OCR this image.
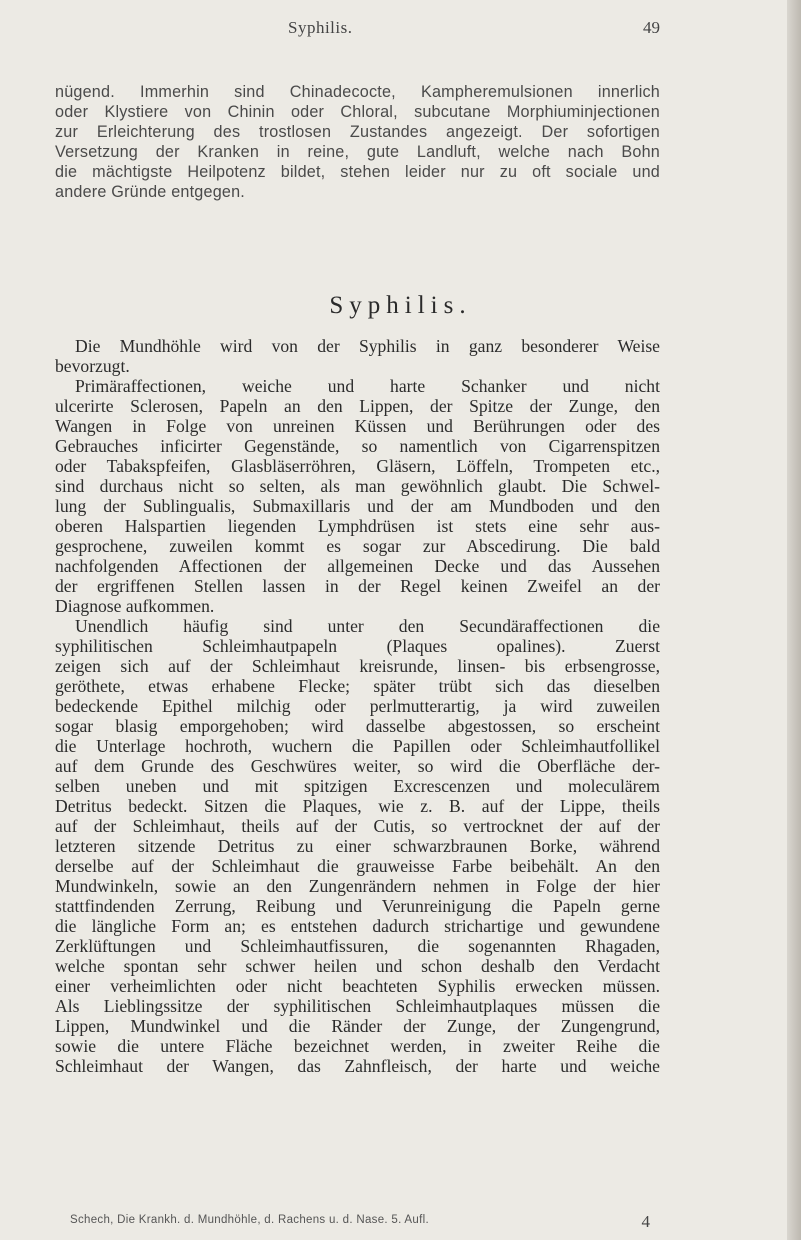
Syphilis.	49
nügend. Immerhin sind Chinadecocte, Kampheremulsionen innerlich
oder Klystiere von Chinin oder Chloral, subcutane Morphiuminjectionen
zur Erleichterung des trostlosen Zustandes angezeigt. Der sofortigen
Versetzung der Kranken in reine, gute Landluft, welche nach Bohn
die mächtigste Heilpotenz bildet, stehen leider nur zu oft sociale und
andere Gründe entgegen.
Syphilis.
Die Mundhöhle wird von der Syphilis in ganz besonderer Weise
bevorzugt.
Primäraffectionen, weiche und harte Schanker und nicht
ulcerirte Sclerosen, Papeln an den Lippen, der Spitze der Zunge, den
Wangen in Folge von unreinen Küssen und Berührungen oder des
Gebrauches inficirter Gegenstände, so namentlich von Cigarrenspitzen
oder Tabakspfeifen, Glasbläserröhren, Gläsern, Löffeln, Trompeten etc.,
sind durchaus nicht so selten, als man gewöhnlich glaubt. Die Schwel-
lung der Sublingualis, Submaxillaris und der am Mundboden und den
oberen Halspartien liegenden Lymphdrüsen ist stets eine sehr aus-
gesprochene, zuweilen kommt es sogar zur Abscedirung. Die bald
nachfolgenden Affectionen der allgemeinen Decke und das Aussehen
der ergriffenen Stellen lassen in der Regel keinen Zweifel an der
Diagnose aufkommen.
Unendlich häufig sind unter den Secundäraffectionen die
syphilitischen Schleimhautpapeln (Plaques opalines). Zuerst
zeigen sich auf der Schleimhaut kreisrunde, linsen- bis erbsengrosse,
geröthete, etwas erhabene Flecke; später trübt sich das dieselben
bedeckende Epithel milchig oder perlmutterartig, ja wird zuweilen
sogar blasig emporgehoben; wird dasselbe abgestossen, so erscheint
die Unterlage hochroth, wuchern die Papillen oder Schleimhautfollikel
auf dem Grunde des Geschwüres weiter, so wird die Oberfläche der-
selben uneben und mit spitzigen Excrescenzen und moleculärem
Detritus bedeckt. Sitzen die Plaques, wie z. B. auf der Lippe, theils
auf der Schleimhaut, theils auf der Cutis, so vertrocknet der auf der
letzteren sitzende Detritus zu einer schwarzbraunen Borke, während
derselbe auf der Schleimhaut die grauweisse Farbe beibehält. An den
Mundwinkeln, sowie an den Zungenrändern nehmen in Folge der hier
stattfindenden Zerrung, Reibung und Verunreinigung die Papeln gerne
die längliche Form an; es entstehen dadurch strichartige und gewundene
Zerklüftungen und Schleimhautfissuren, die sogenannten Rhagaden,
welche spontan sehr schwer heilen und schon deshalb den Verdacht
einer verheimlichten oder nicht beachteten Syphilis erwecken müssen.
Als Lieblingssitze der syphilitischen Schleimhautplaques müssen die
Lippen, Mundwinkel und die Ränder der Zunge, der Zungengrund,
sowie die untere Fläche bezeichnet werden, in zweiter Reihe die
Schleimhaut der Wangen, das Zahnfleisch, der harte und weiche
Schech, Die Krankh. d. Mundhöhle, d. Rachens u. d. Nase. 5. Aufl.	4
